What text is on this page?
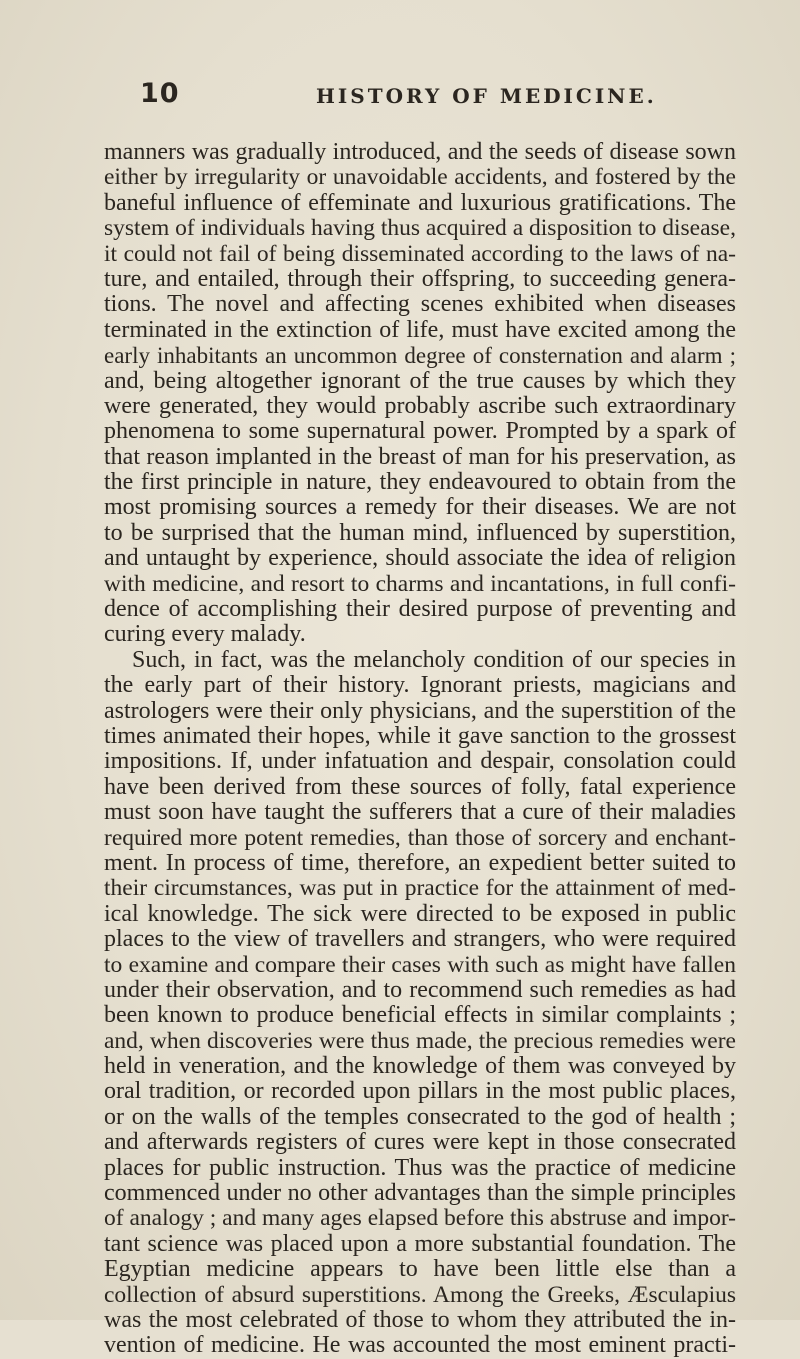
10	HISTORY OF MEDICINE.

manners was gradually introduced, and the seeds of disease sown
either by irregularity or unavoidable accidents, and fostered by the
baneful influence of effeminate and luxurious gratifications. The
system of individuals having thus acquired a disposition to disease,
it could not fail of being disseminated according to the laws of na-
ture, and entailed, through their offspring, to succeeding genera-
tions. The novel and affecting scenes exhibited when diseases
terminated in the extinction of life, must have excited among the
early inhabitants an uncommon degree of consternation and alarm ;
and, being altogether ignorant of the true causes by which they
were generated, they would probably ascribe such extraordinary
phenomena to some supernatural power. Prompted by a spark of
that reason implanted in the breast of man for his preservation, as
the first principle in nature, they endeavoured to obtain from the
most promising sources a remedy for their diseases. We are not
to be surprised that the human mind, influenced by superstition,
and untaught by experience, should associate the idea of religion
with medicine, and resort to charms and incantations, in full confi-
dence of accomplishing their desired purpose of preventing and
curing every malady.

Such, in fact, was the melancholy condition of our species in
the early part of their history. Ignorant priests, magicians and
astrologers were their only physicians, and the superstition of the
times animated their hopes, while it gave sanction to the grossest
impositions. If, under infatuation and despair, consolation could
have been derived from these sources of folly, fatal experience
must soon have taught the sufferers that a cure of their maladies
required more potent remedies, than those of sorcery and enchant-
ment. In process of time, therefore, an expedient better suited to
their circumstances, was put in practice for the attainment of med-
ical knowledge. The sick were directed to be exposed in public
places to the view of travellers and strangers, who were required
to examine and compare their cases with such as might have fallen
under their observation, and to recommend such remedies as had
been known to produce beneficial effects in similar complaints ;
and, when discoveries were thus made, the precious remedies were
held in veneration, and the knowledge of them was conveyed by
oral tradition, or recorded upon pillars in the most public places,
or on the walls of the temples consecrated to the god of health ;
and afterwards registers of cures were kept in those consecrated
places for public instruction. Thus was the practice of medicine
commenced under no other advantages than the simple principles
of analogy ; and many ages elapsed before this abstruse and impor-
tant science was placed upon a more substantial foundation. The
Egyptian medicine appears to have been little else than a
collection of absurd superstitions. Among the Greeks, Æsculapius
was the most celebrated of those to whom they attributed the in-
vention of medicine. He was accounted the most eminent practi-
